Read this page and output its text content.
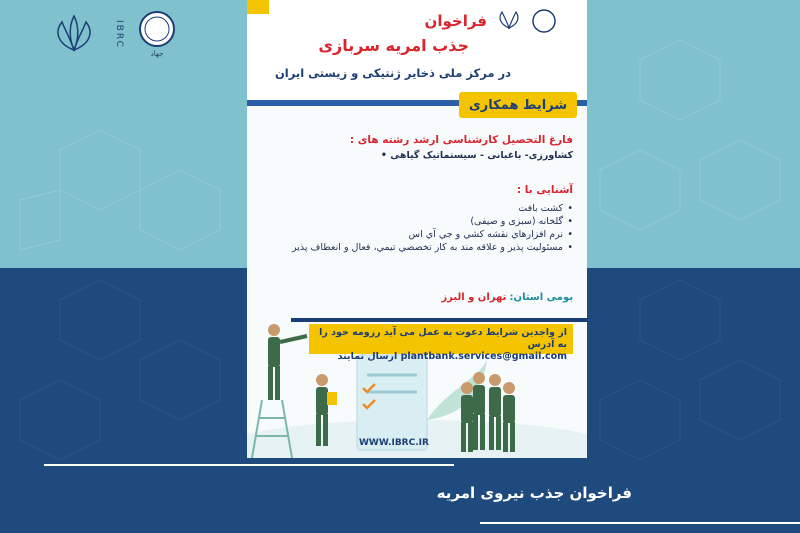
IBRC
جهاد
فراخوان
جذب امریه سربازی
در مرکز ملی ذخایر ژنتیکی و زیستی ایران
شرایط همکاری
فارغ التحصیل کارشناسی ارشد رشته های :
کشاورزی- باغبانی - سیستماتیک گیاهی •
آشنایی با :
• کشت بافت
• گلخانه (سبزی و صیفی)
• نرم افزارهاي نقشه كشي و جي آي اس
• مسئوليت پذير و علاقه مند به كار تخصصي تيمي، فعال و انعطاف پذير
بومی استان: تهران و البرز
از واجدین شرایط دعوت به عمل می آید رزومه خود را به آدرس
plantbank.services@gmail.com ارسال نمایند
WWW.IBRC.IR
فراخوان جذب نیروی امریه
